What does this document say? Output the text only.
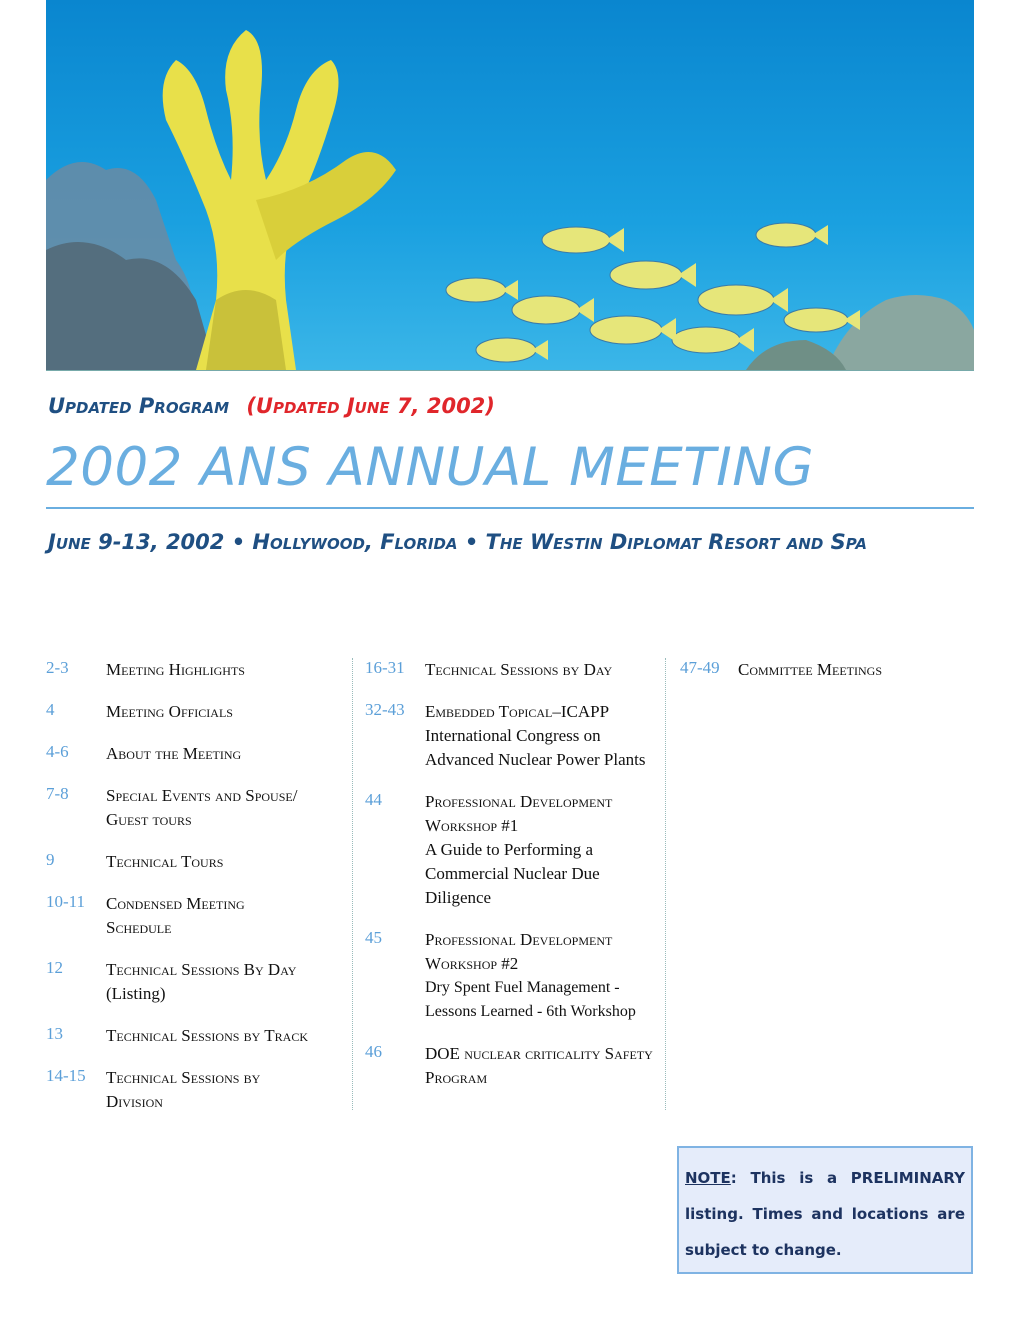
Updated Program (Updated June 7, 2002)
2002 ANS ANNUAL MEETING
June 9-13, 2002 • Hollywood, Florida • The Westin Diplomat Resort and Spa
2-3 Meeting Highlights
4	Meeting Officials
4-6 About the Meeting
7-8 Special Events and Spouse/ Guest tours
9	Technical Tours
10-11 Condensed Meeting Schedule
12	Technical Sessions By Day
(Listing)
13	Technical Sessions by Track
14-15 Technical Sessions by Division
16-31 Technical Sessions by Day
32-43 Embedded Topical–ICAPP
International Congress on Advanced Nuclear Power Plants
44	Professional Development Workshop #1
A Guide to Performing a Commercial Nuclear Due Diligence
45	Professional Development Workshop #2
Dry Spent Fuel Management - Lessons Learned - 6th Workshop
46	DOE nuclear criticality Safety Program
47-49 Committee Meetings
NOTE: This is a PRELIMINARY listing. Times and locations are subject to change.
